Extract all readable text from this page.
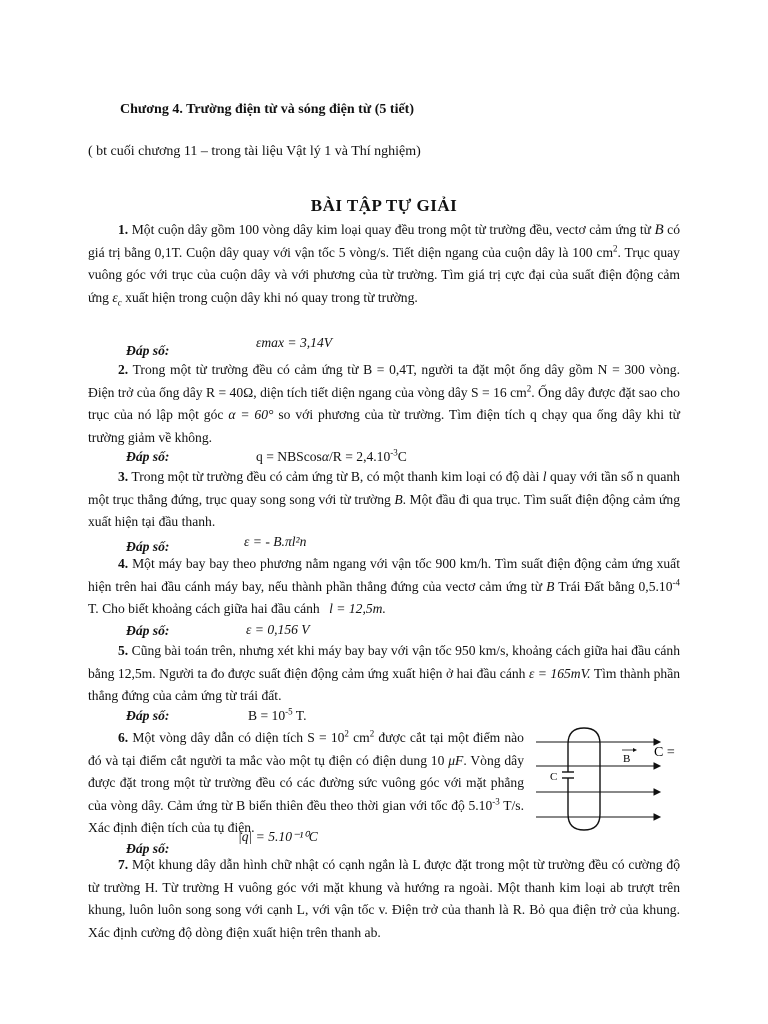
Chương 4. Trường điện từ và sóng điện từ (5 tiết)
( bt cuối chương 11 – trong tài liệu Vật lý 1 và Thí nghiệm)
BÀI TẬP TỰ GIẢI
1. Một cuộn dây gồm 100 vòng dây kim loại quay đều trong một từ trường đều, vectơ cảm ứng từ B có giá trị bằng 0,1T. Cuộn dây quay với vận tốc 5 vòng/s. Tiết diện ngang của cuộn dây là 100 $cm^2$. Trục quay vuông góc với trục của cuộn dây và với phương của từ trường. Tìm giá trị cực đại của suất điện động cảm ứng $\varepsilon_c$ xuất hiện trong cuộn dây khi nó quay trong từ trường.
Đáp số:
εmax = 3,14V
2. Trong một từ trường đều có cảm ứng từ B = 0,4T, người ta đặt một ống dây gồm N = 300 vòng. Điện trở của ống dây R = 40Ω, diện tích tiết diện ngang của vòng dây S = 16 $cm^2$. Ống dây được đặt sao cho trục của nó lập một góc α = 60° so với phương của từ trường. Tìm điện tích q chạy qua ống dây khi từ trường giảm về không.
Đáp số:	$q = NBScos\alpha/R = 2,4.10^{-3}C$
3. Trong một từ trường đều có cảm ứng từ B, có một thanh kim loại có độ dài l quay với tần số n quanh một trục thẳng đứng, trục quay song song với từ trường B. Một đầu đi qua trục. Tìm suất điện động cảm ứng xuất hiện tại đầu thanh.
Đáp số:	ε = - B.πl²n
4. Một máy bay bay theo phương nằm ngang với vận tốc 900 km/h. Tìm suất điện động cảm ứng xuất hiện trên hai đầu cánh máy bay, nếu thành phần thẳng đứng của vectơ cảm ứng từ B Trái Đất bằng $0,5.10^{-4}$ T. Cho biết khoảng cách giữa hai đầu cánh l = 12,5m.
Đáp số:	ε = 0,156 V
5. Cũng bài toán trên, nhưng xét khi máy bay bay với vận tốc 950 km/s, khoảng cách giữa hai đầu cánh bằng 12,5m. Người ta đo được suất điện động cảm ứng xuất hiện ở hai đầu cánh ε = 165mV. Tìm thành phần thẳng đứng của cảm ứng từ trái đất.
Đáp số:	$B = 10^{-5}$ T.
6. Một vòng dây dẫn có diện tích $S = 10^2$ $cm^2$ được cắt tại một điểm nào đó và tại điểm cắt người ta mắc vào một tụ điện có điện dung 10 μF. Vòng dây được đặt trong một từ trường đều có các đường sức vuông góc với mặt phẳng của vòng dây. Cảm ứng từ B biến thiên đều theo thời gian với tốc độ $5.10^{-3}$ T/s. Xác định điện tích của tụ điện.
Đáp số:
|q| = 5.10⁻¹⁰C
C
B C =
7. Một khung dây dẫn hình chữ nhật có cạnh ngắn là L được đặt trong một từ trường đều có cường độ từ trường H. Từ trường H vuông góc với mặt khung và hướng ra ngoài. Một thanh kim loại ab trượt trên khung, luôn luôn song song với cạnh L, với vận tốc v. Điện trở của thanh là R. Bỏ qua điện trở của khung. Xác định cường độ dòng điện xuất hiện trên thanh ab.
